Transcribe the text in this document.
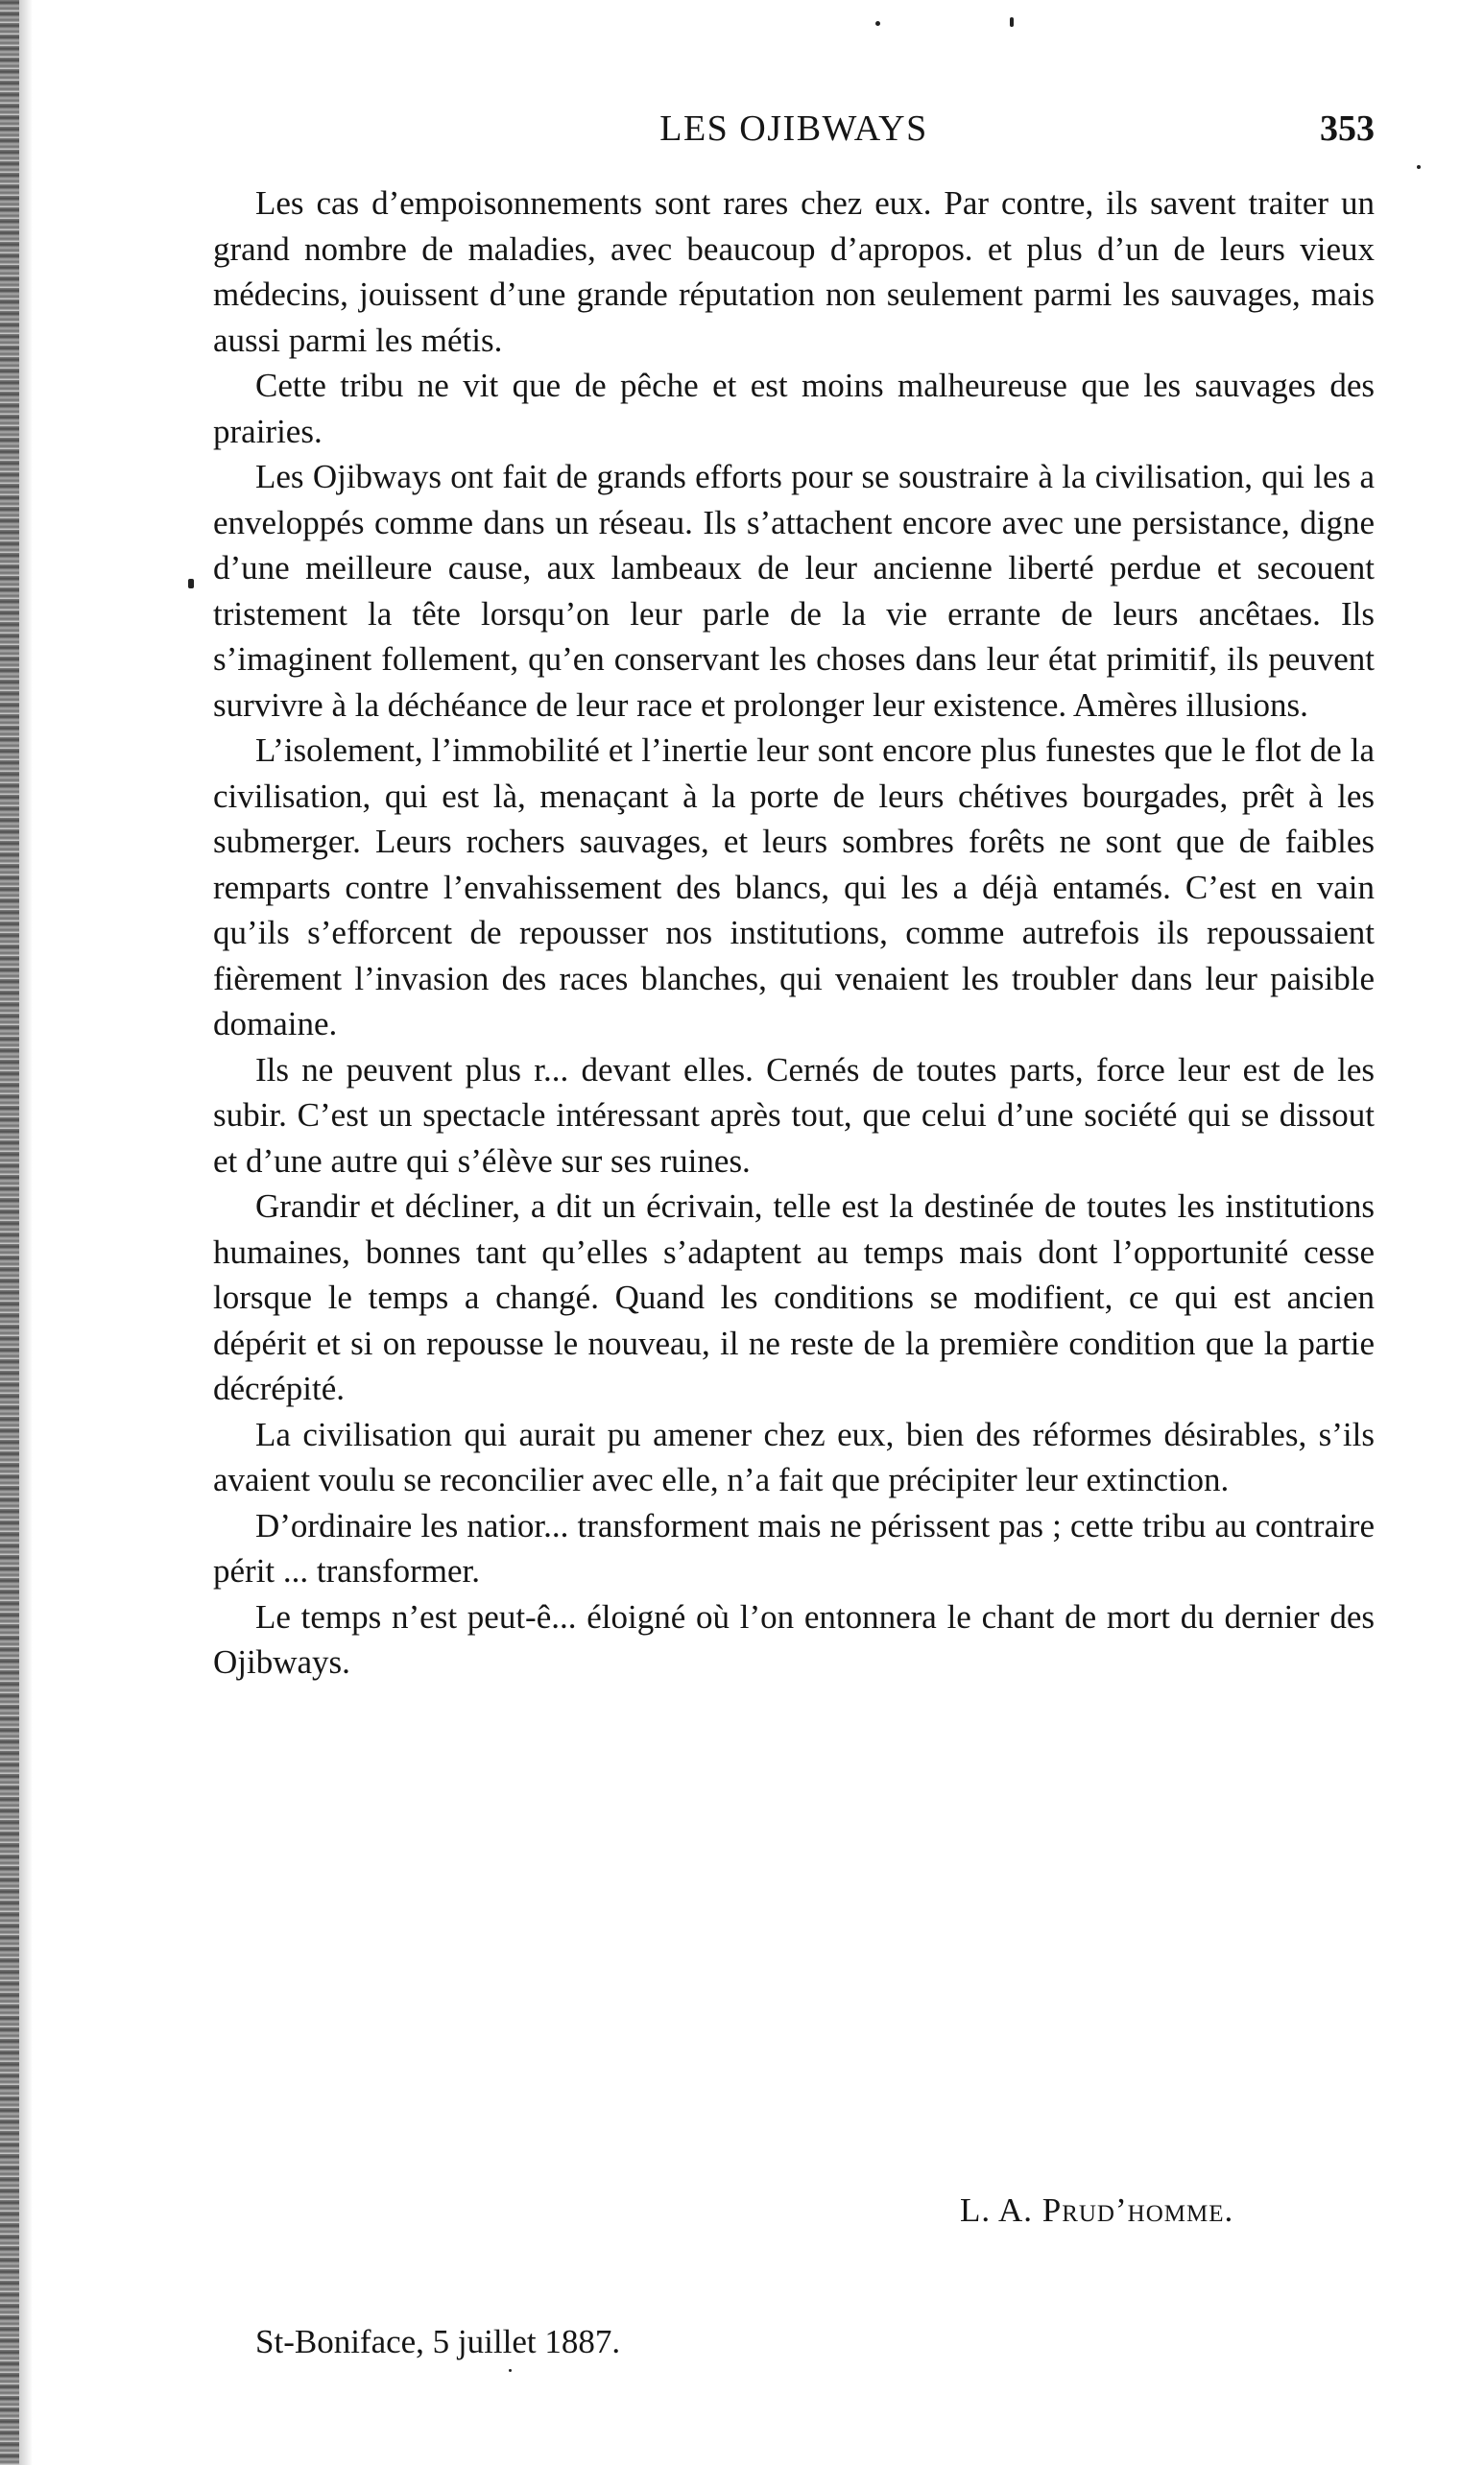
LES OJIBWAYS	353

Les cas d’empoisonnements sont rares chez eux. Par contre, ils savent traiter un grand nombre de maladies, avec beaucoup d’apropos. et plus d’un de leurs vieux médecins, jouissent d’une grande réputation non seulement parmi les sauvages, mais aussi parmi les métis.

Cette tribu ne vit que de pêche et est moins malheureuse que les sauvages des prairies.

Les Ojibways ont fait de grands efforts pour se soustraire à la civilisation, qui les a enveloppés comme dans un réseau. Ils s’attachent encore avec une persistance, digne d’une meilleure cause, aux lambeaux de leur ancienne liberté perdue et secouent tristement la tête lorsqu’on leur parle de la vie errante de leurs ancêtaes. Ils s’imaginent follement, qu’en conservant les choses dans leur état primitif, ils peuvent survivre à la déchéance de leur race et prolonger leur existence. Amères illusions.

L’isolement, l’immobilité et l’inertie leur sont encore plus funestes que le flot de la civilisation, qui est là, menaçant à la porte de leurs chétives bourgades, prêt à les submerger. Leurs rochers sauvages, et leurs sombres forêts ne sont que de faibles remparts contre l’envahissement des blancs, qui les a déjà entamés. C’est en vain qu’ils s’efforcent de repousser nos institutions, comme autrefois ils repoussaient fièrement l’invasion des races blanches, qui venaient les troubler dans leur paisible domaine.

Ils ne peuvent plus r... devant elles. Cernés de toutes parts, force leur est de les subir. C’est un spectacle intéressant après tout, que celui d’une société qui se dissout et d’une autre qui s’élève sur ses ruines.

Grandir et décliner, a dit un écrivain, telle est la destinée de toutes les institutions humaines, bonnes tant qu’elles s’adaptent au temps mais dont l’opportunité cesse lorsque le temps a changé. Quand les conditions se modifient, ce qui est ancien dépérit et si on repousse le nouveau, il ne reste de la première condition que la partie décrépité.

La civilisation qui aurait pu amener chez eux, bien des réformes désirables, s’ils avaient voulu se reconcilier avec elle, n’a fait que précipiter leur extinction.

D’ordinaire les natior... transforment mais ne périssent pas ; cette tribu au contraire périt ... transformer.

Le temps n’est peut-ê... éloigné où l’on entonnera le chant de mort du dernier des Ojibways.

L. A. Prud’homme.
St-Boniface, 5 juillet 1887.
